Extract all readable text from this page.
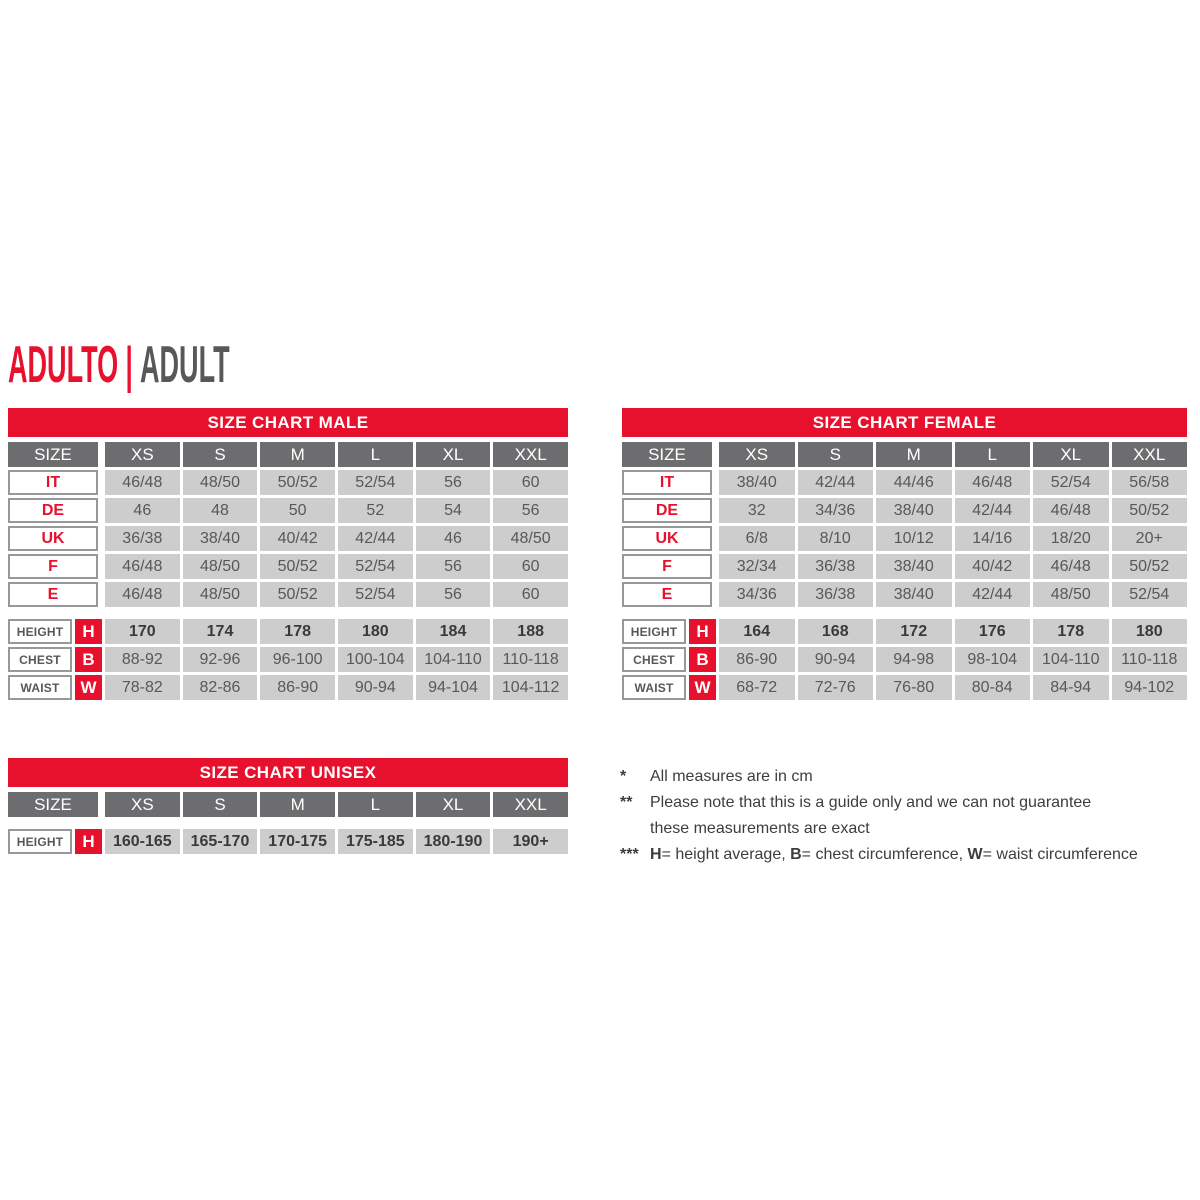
ADULTO | ADULT
SIZE CHART MALE
SIZE	XS	S	M	L	XL	XXL
IT	46/48	48/50	50/52	52/54	56	60
DE	46	48	50	52	54	56
UK	36/38	38/40	40/42	42/44	46	48/50
F	46/48	48/50	50/52	52/54	56	60
E	46/48	48/50	50/52	52/54	56	60
HEIGHT	H	170	174	178	180	184	188
CHEST	B	88-92	92-96	96-100	100-104	104-110	110-118
WAIST	W	78-82	82-86	86-90	90-94	94-104	104-112
SIZE CHART FEMALE
SIZE	XS	S	M	L	XL	XXL
IT	38/40	42/44	44/46	46/48	52/54	56/58
DE	32	34/36	38/40	42/44	46/48	50/52
UK	6/8	8/10	10/12	14/16	18/20	20+
F	32/34	36/38	38/40	40/42	46/48	50/52
E	34/36	36/38	38/40	42/44	48/50	52/54
HEIGHT	H	164	168	172	176	178	180
CHEST	B	86-90	90-94	94-98	98-104	104-110	110-118
WAIST	W	68-72	72-76	76-80	80-84	84-94	94-102
SIZE CHART UNISEX
SIZE	XS	S	M	L	XL	XXL
HEIGHT	H	160-165	165-170	170-175	175-185	180-190	190+
* All measures are in cm
** Please note that this is a guide only and we can not guarantee
these measurements are exact
*** H= height average, B= chest circumference, W= waist circumference
